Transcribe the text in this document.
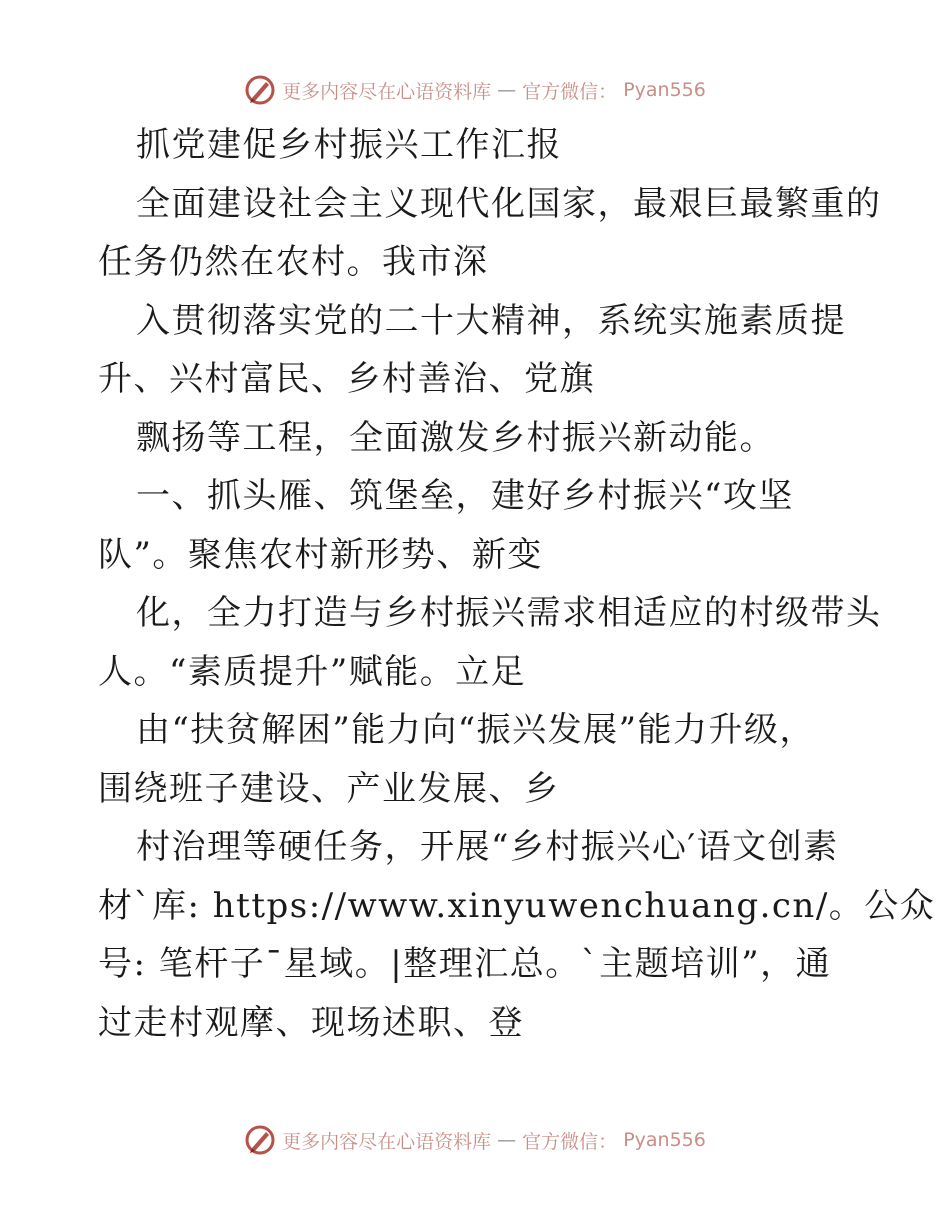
更多内容尽在心语资料库 — 官方微信： Pyan556
抓党建促乡村振兴工作汇报
全面建设社会主义现代化国家，最艰巨最繁重的
任务仍然在农村。我市深
入贯彻落实党的二十大精神，系统实施素质提
升、兴村富民、乡村善治、党旗
飘扬等工程，全面激发乡村振兴新动能。
一、抓头雁、筑堡垒，建好乡村振兴“攻坚
队”。聚焦农村新形势、新变
化，全力打造与乡村振兴需求相适应的村级带头
人。“素质提升”赋能。立足
由“扶贫解困”能力向“振兴发展”能力升级，
围绕班子建设、产业发展、乡
村治理等硬任务，开展“乡村振兴心′语文创素
材`库: https://www.xinyuwenchuang.cn/。公众
号: 笔杆子¯星域。|整理汇总。`主题培训”，通
过走村观摩、现场述职、登
更多内容尽在心语资料库 — 官方微信： Pyan556
